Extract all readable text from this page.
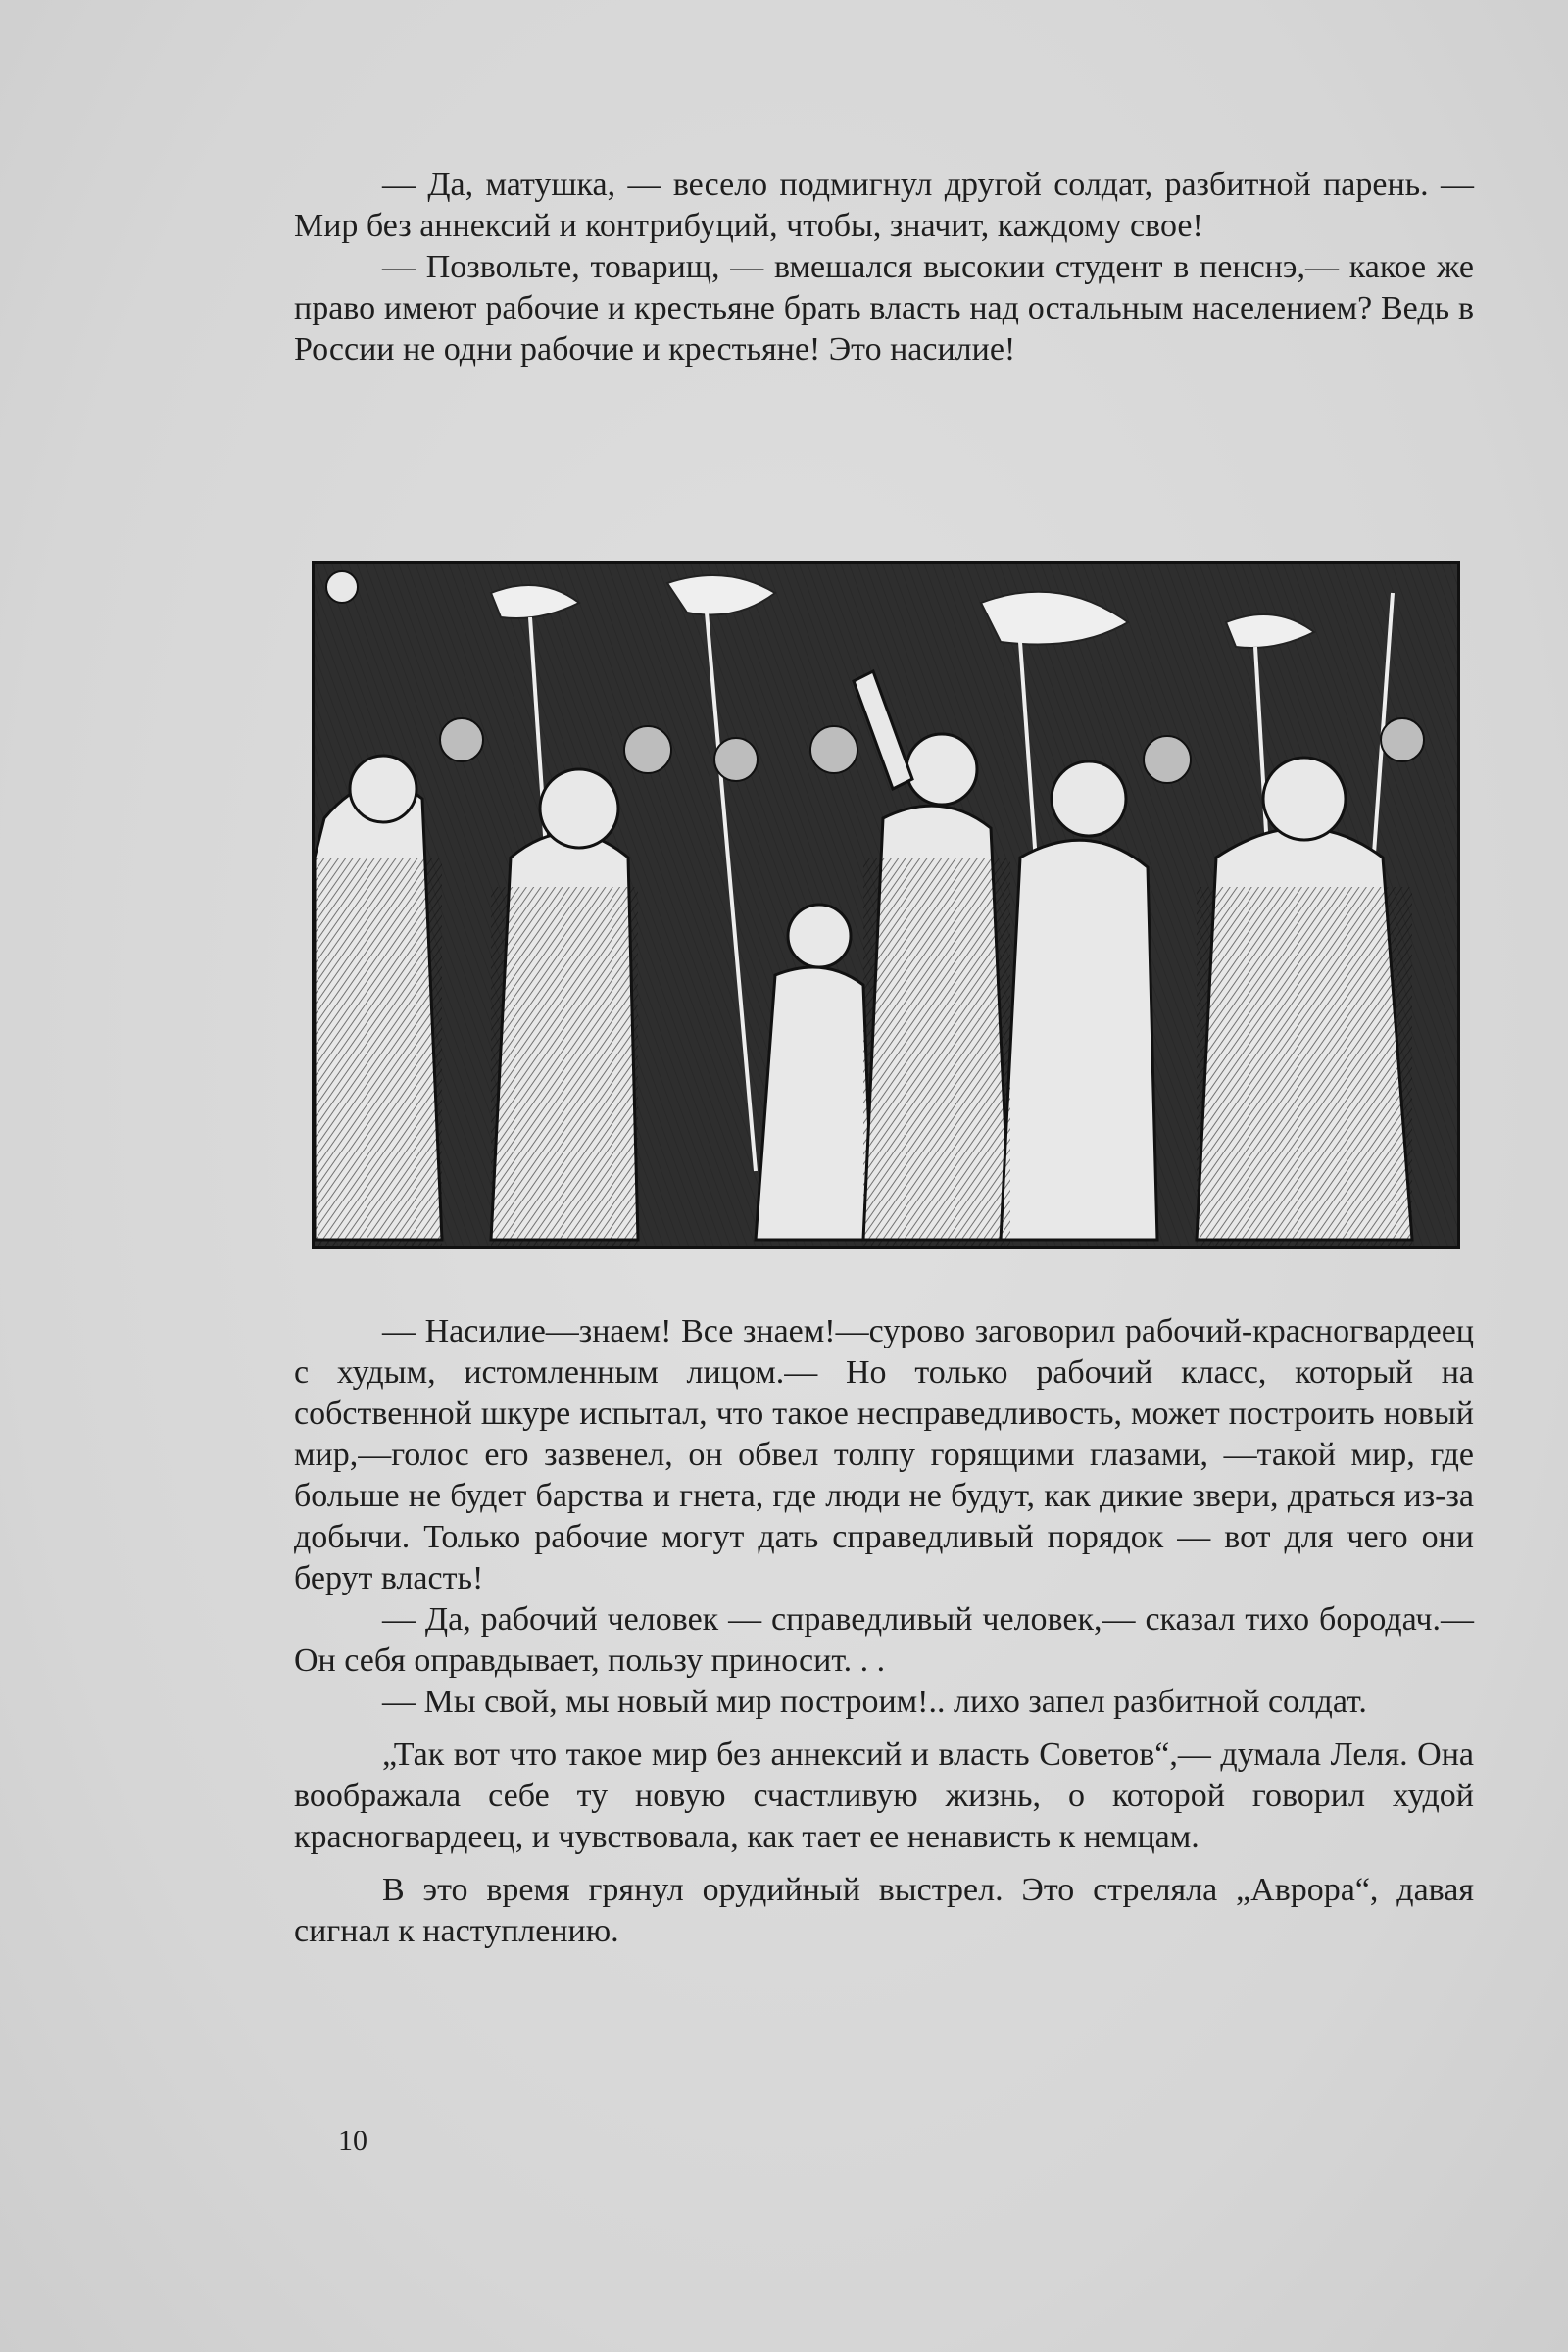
— Да, матушка, — весело подмигнул другой солдат, разбитной парень. —Мир без аннексий и контрибуций, чтобы, значит, каждому свое!

— Позвольте, товарищ, — вмешался высокии студент в пенснэ,— какое же право имеют рабочие и крестьяне брать власть над остальным населением? Ведь в России не одни рабочие и крестьяне! Это насилие!

— Насилие—знаем! Все знаем!—сурово заговорил рабочий-красногвардеец с худым, истомленным лицом.— Но только рабочий класс, который на собственной шкуре испытал, что такое несправедливость, может построить новый мир,—голос его зазвенел, он обвел толпу горящими глазами, —такой мир, где больше не будет барства и гнета, где люди не будут, как дикие звери, драться из-за добычи. Только рабочие могут дать справедливый порядок — вот для чего они берут власть!

— Да, рабочий человек — справедливый человек,— сказал тихо бородач.— Он себя оправдывает, пользу приносит. . .

— Мы свой, мы новый мир построим!.. лихо запел разбитной солдат.

„Так вот что такое мир без аннексий и власть Советов“,— думала Леля. Она воображала себе ту новую счастливую жизнь, о которой говорил худой красногвардеец, и чувствовала, как тает ее ненависть к немцам.

В это время грянул орудийный выстрел. Это стреляла „Аврора“, давая сигнал к наступлению.

10
